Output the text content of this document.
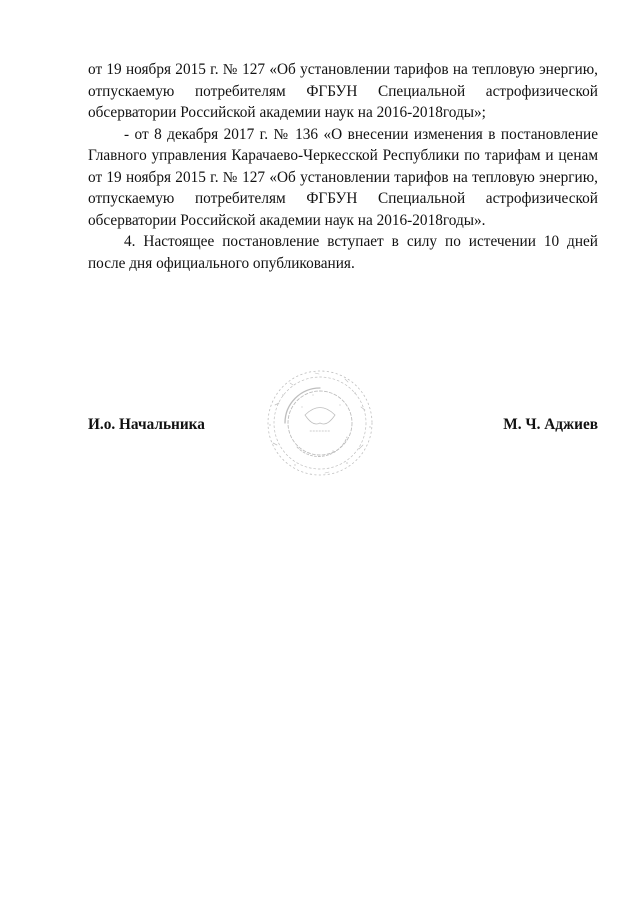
от 19 ноября 2015 г. № 127 «Об установлении тарифов на тепловую энергию,
отпускаемую потребителям ФГБУН Специальной астрофизической
обсерватории Российской академии наук на 2016-2018годы»;
- от 8 декабря 2017 г. № 136 «О внесении изменения в постановление
Главного управления Карачаево-Черкесской Республики по тарифам и ценам
от 19 ноября 2015 г. № 127 «Об установлении тарифов на тепловую энергию,
отпускаемую потребителям ФГБУН Специальной астрофизической
обсерватории Российской академии наук на 2016-2018годы».
4. Настоящее постановление вступает в силу по истечении 10 дней
после дня официального опубликования.
И.о. Начальника	М. Ч. Аджиев
